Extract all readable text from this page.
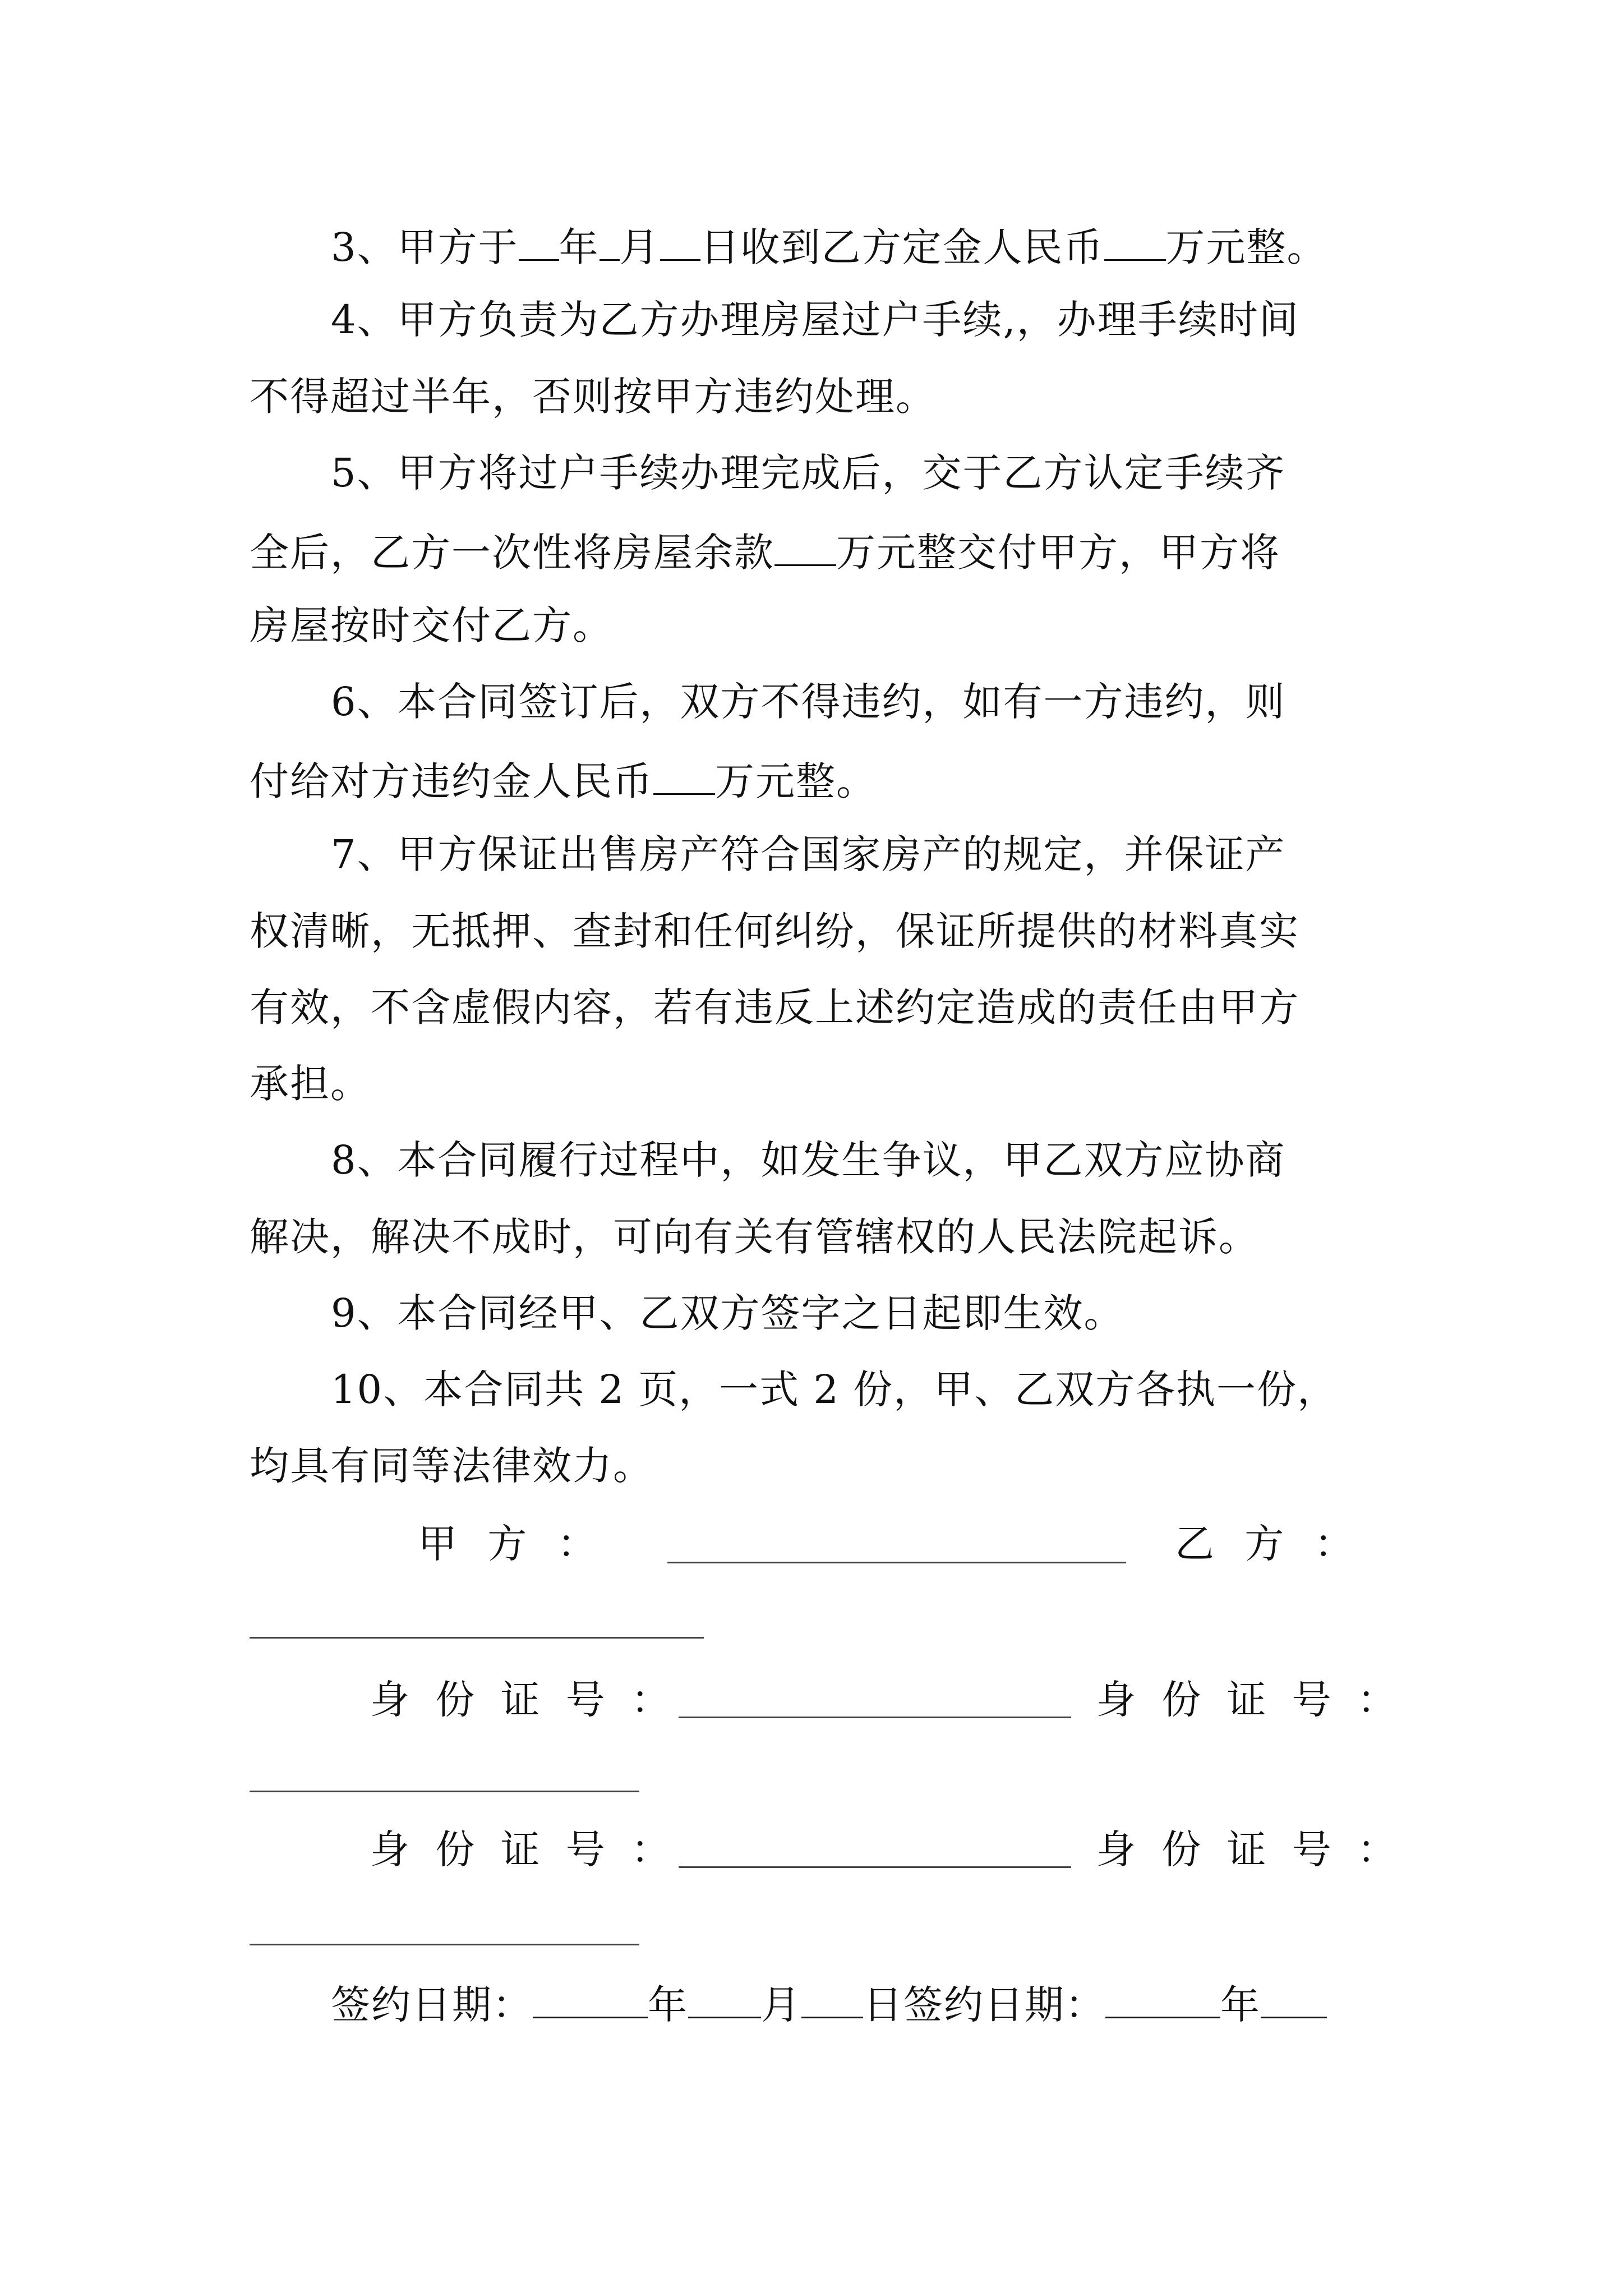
3、甲方于 年 月 日收到乙方定金人民币 万元整。
4、甲方负责为乙方办理房屋过户手续,，办理手续时间
不得超过半年，否则按甲方违约处理。
5、甲方将过户手续办理完成后，交于乙方认定手续齐
全后，乙方一次性将房屋余款 万元整交付甲方，甲方将
房屋按时交付乙方。
6、本合同签订后，双方不得违约，如有一方违约，则
付给对方违约金人民币 万元整。
7、甲方保证出售房产符合国家房产的规定，并保证产
权清晰，无抵押、查封和任何纠纷，保证所提供的材料真实
有效，不含虚假内容，若有违反上述约定造成的责任由甲方
承担。
8、本合同履行过程中，如发生争议，甲乙双方应协商
解决，解决不成时，可向有关有管辖权的人民法院起诉。
9、本合同经甲、乙双方签字之日起即生效。
10、本合同共 2 页，一式 2 份，甲、乙双方各执一份，
均具有同等法律效力。
甲 方 ：	乙 方 ：
身 份 证 号 ：	身 份 证 号 ：
身 份 证 号 ：	身 份 证 号 ：
签约日期：	年 月 日签约日期：	年
